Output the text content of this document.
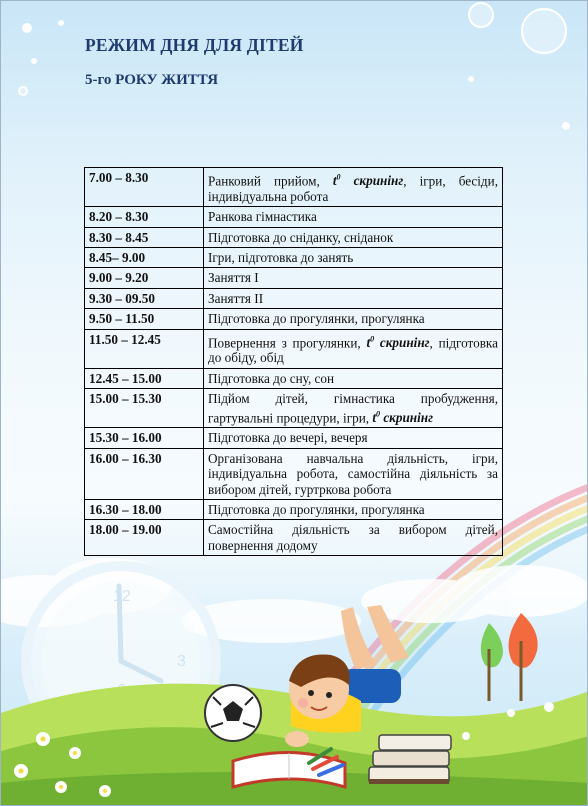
12
3
РЕЖИМ ДНЯ ДЛЯ ДІТЕЙ
5-го РОКУ ЖИТТЯ
7.00 – 8.30	Ранковий прийом, $t^0$ скринінг, ігри, бесіди, індивідуальна робота
8.20 – 8.30	Ранкова гімнастика
8.30 – 8.45	Підготовка до сніданку, сніданок
8.45– 9.00	Ігри, підготовка до занять
9.00 – 9.20	Заняття І
9.30 – 09.50	Заняття ІІ
9.50 – 11.50	Підготовка до прогулянки, прогулянка
11.50 – 12.45	Повернення з прогулянки, $t^0$ скринінг, підготовка до обіду, обід
12.45 – 15.00	Підготовка до сну, сон
15.00 – 15.30	Підйом дітей, гімнастика пробудження, гартувальні процедури, ігри, $t^0$ скринінг
15.30 – 16.00	Підготовка до вечері, вечеря
16.00 – 16.30	Організована навчальна діяльність, ігри, індивідуальна робота, самостійна діяльність за вибором дітей, гуртркова робота
16.30 – 18.00	Підготовка до прогулянки, прогулянка
18.00 – 19.00	Самостійна діяльність за вибором дітей, повернення додому
